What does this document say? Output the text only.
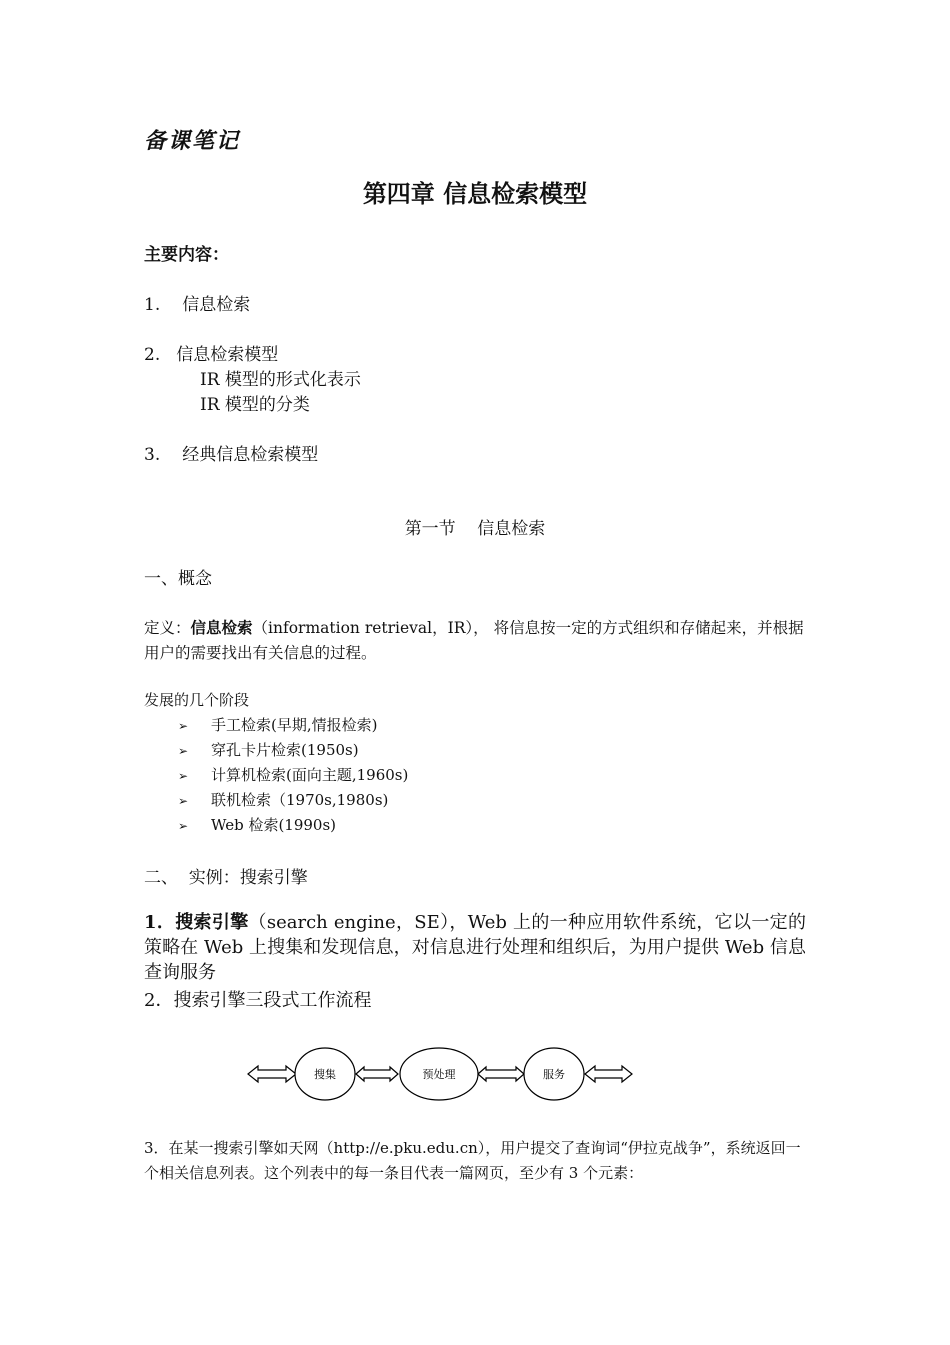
备课笔记
第四章 信息检索模型
主要内容：
1. 信息检索
2. 信息检索模型
IR 模型的形式化表示
IR 模型的分类
3. 经典信息检索模型
第一节    信息检索
一、概念
定义：信息检索（information retrieval，IR）， 将信息按一定的方式组织和存储起来，并根据用户的需要找出有关信息的过程。
发展的几个阶段
➢ 手工检索(早期,情报检索)
➢ 穿孔卡片检索(1950s)
➢ 计算机检索(面向主题,1960s)
➢ 联机检索（1970s,1980s)
➢ Web 检索(1990s)
二、  实例：搜索引擎
1．搜索引擎（search engine，SE），Web 上的一种应用软件系统，它以一定的策略在 Web 上搜集和发现信息，对信息进行处理和组织后，为用户提供 Web 信息查询服务
2．搜索引擎三段式工作流程
搜集	预处理	服务
3．在某一搜索引擎如天网（http://e.pku.edu.cn），用户提交了查询词“伊拉克战争”，系统返回一个相关信息列表。这个列表中的每一条目代表一篇网页，至少有 3 个元素：
